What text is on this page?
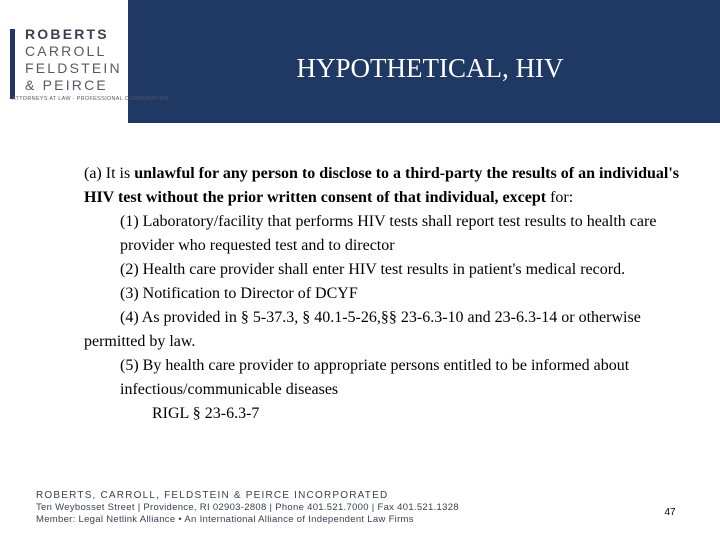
ROBERTS
CARROLL
FELDSTEIN
& PEIRCE
ATTORNEYS AT LAW · PROFESSIONAL CORPORATION
HYPOTHETICAL, HIV

(a) It is unlawful for any person to disclose to a third-party the results of an individual's HIV test without the prior written consent of that individual, except for:

(1) Laboratory/facility that performs HIV tests shall report test results to health care provider who requested test and to director

(2) Health care provider shall enter HIV test results in patient's medical record.

(3) Notification to Director of DCYF

(4) As provided in § 5-37.3, § 40.1-5-26,§§ 23-6.3-10 and 23-6.3-14 or otherwise permitted by law.

(5) By health care provider to appropriate persons entitled to be informed about infectious/communicable diseases

RIGL § 23-6.3-7

ROBERTS, CARROLL, FELDSTEIN & PEIRCE INCORPORATED
Ten Weybosset Street | Providence, RI 02903-2808 | Phone 401.521.7000 | Fax 401.521.1328
Member: Legal Netlink Alliance • An International Alliance of Independent Law Firms
47
